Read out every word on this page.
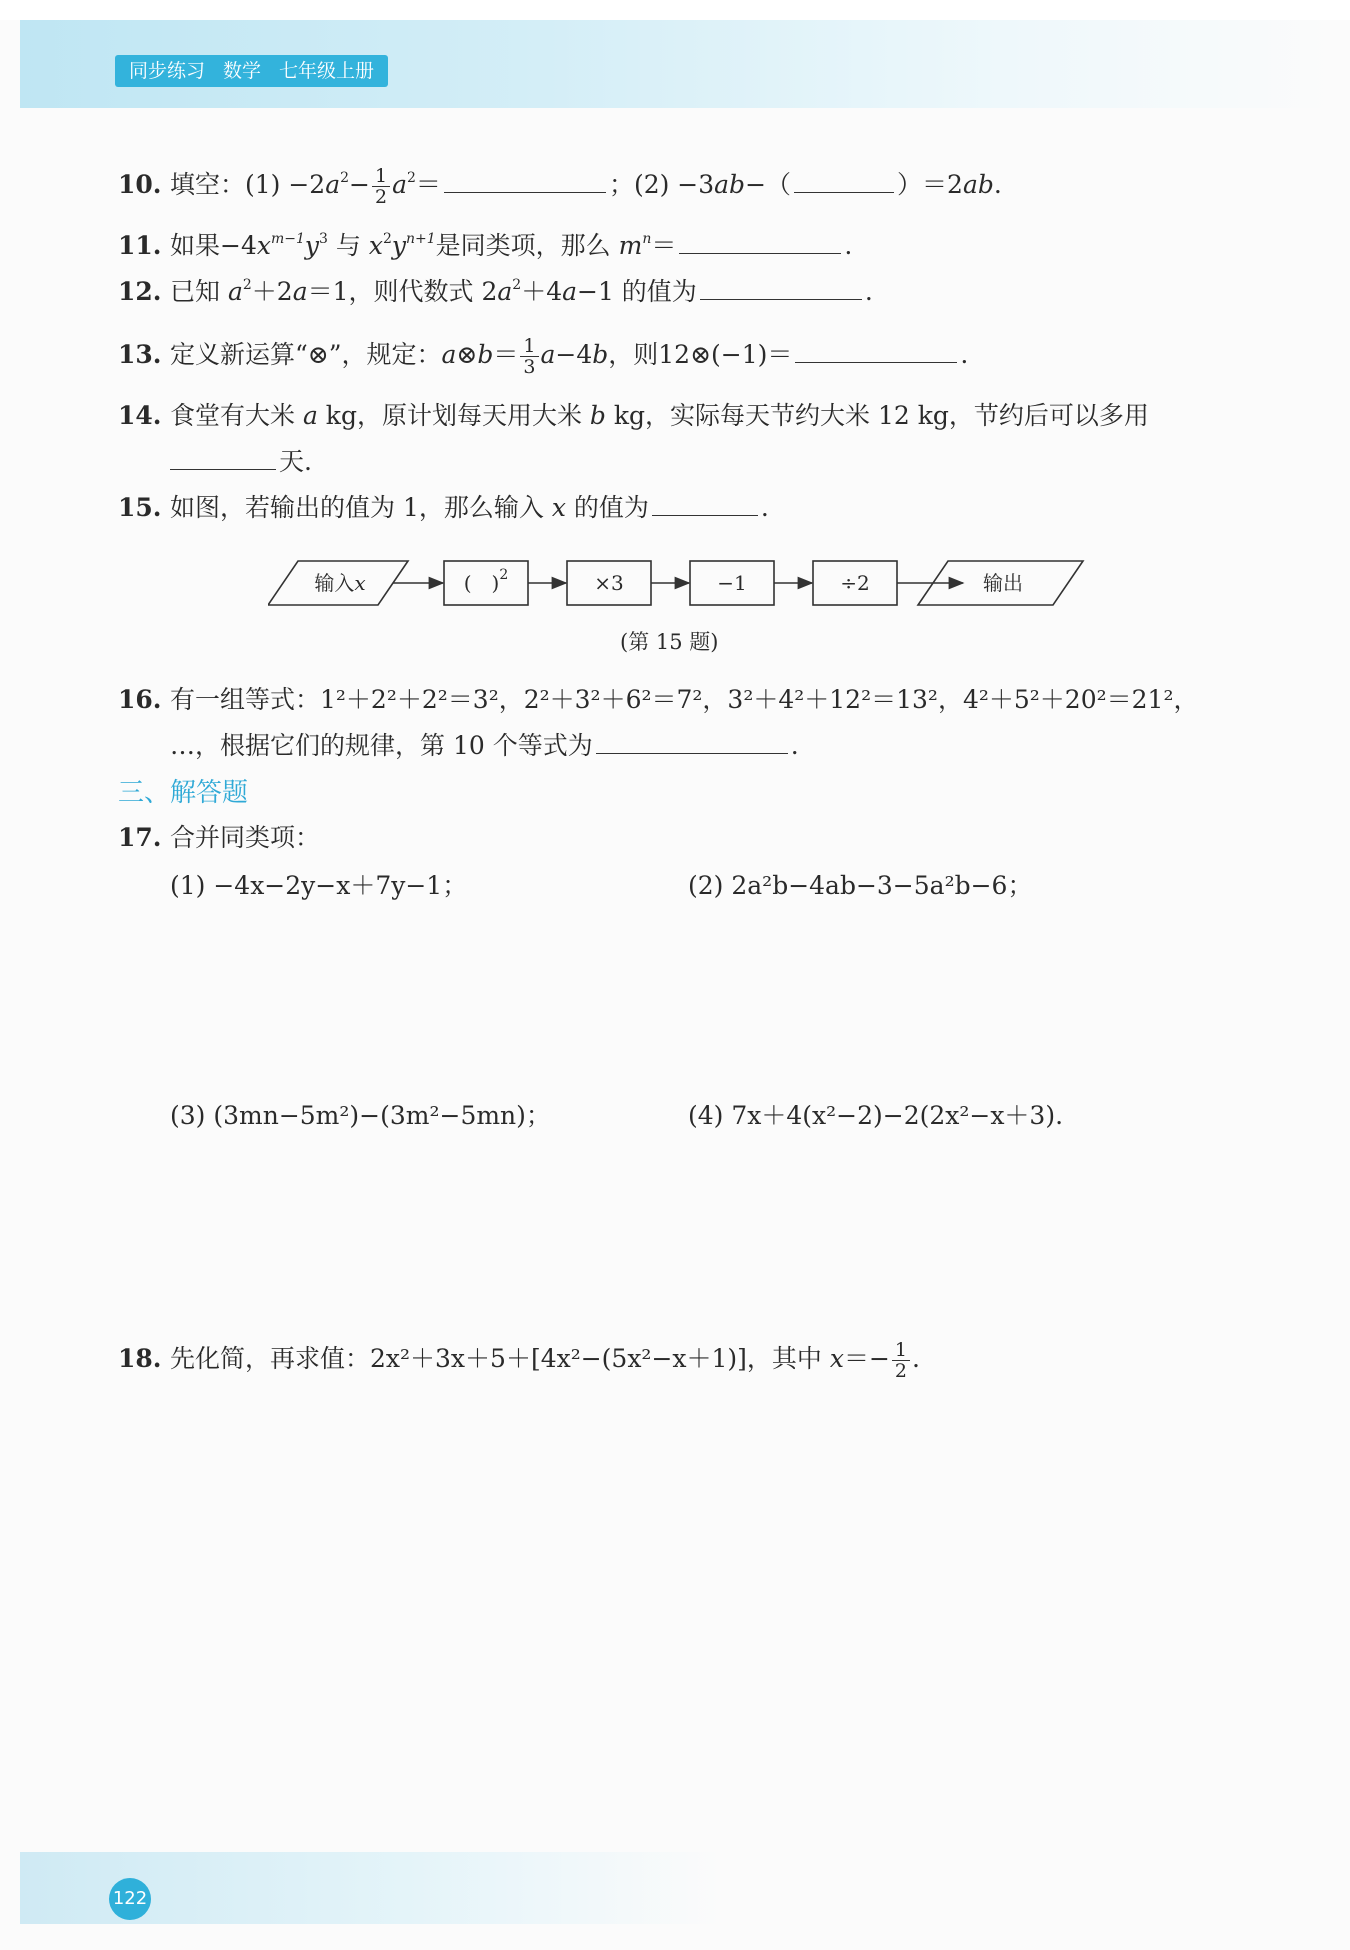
同步练习 数学 七年级上册
10. 填空：$(1) -2a^2- \frac{1}{2} a^2=$	；(2) −3ab−（	）＝2ab.
11. 如果$-4x^{m-1}y^3$ 与 $x^2y^{n+1}$是同类项，那么 $m^n=$	.
12. 已知 $a^2+2a=1$，则代数式 $2a^2+4a-1$ 的值为	.
13. 定义新运算“⊗”，规定：a⊗b＝ $\frac{1}{3} a-4b$，则12⊗(−1)＝	.
14. 食堂有大米 a kg，原计划每天用大米 b kg，实际每天节约大米 12 kg，节约后可以多用
天.
15. 如图，若输出的值为 1，那么输入 x 的值为	.
输入x	(　)$^2$	×3	−1	÷2	输出
(第 15 题)
16. 有一组等式：1²＋2²＋2²＝3²，2²＋3²＋6²＝7²，3²＋4²＋12²＝13²，4²＋5²＋20²＝21²，
…，根据它们的规律，第 10 个等式为	.
三、解答题
17. 合并同类项：
(1) −4x−2y−x＋7y−1；	(2) 2a²b−4ab−3−5a²b−6；
(3) (3mn−5m²)−(3m²−5mn)；	(4) 7x＋4(x²−2)−2(2x²−x＋3).
18. 先化简，再求值：2x²＋3x＋5＋[4x²−(5x²−x＋1)]，其中 $x=- \frac{1}{2}$ .
122
